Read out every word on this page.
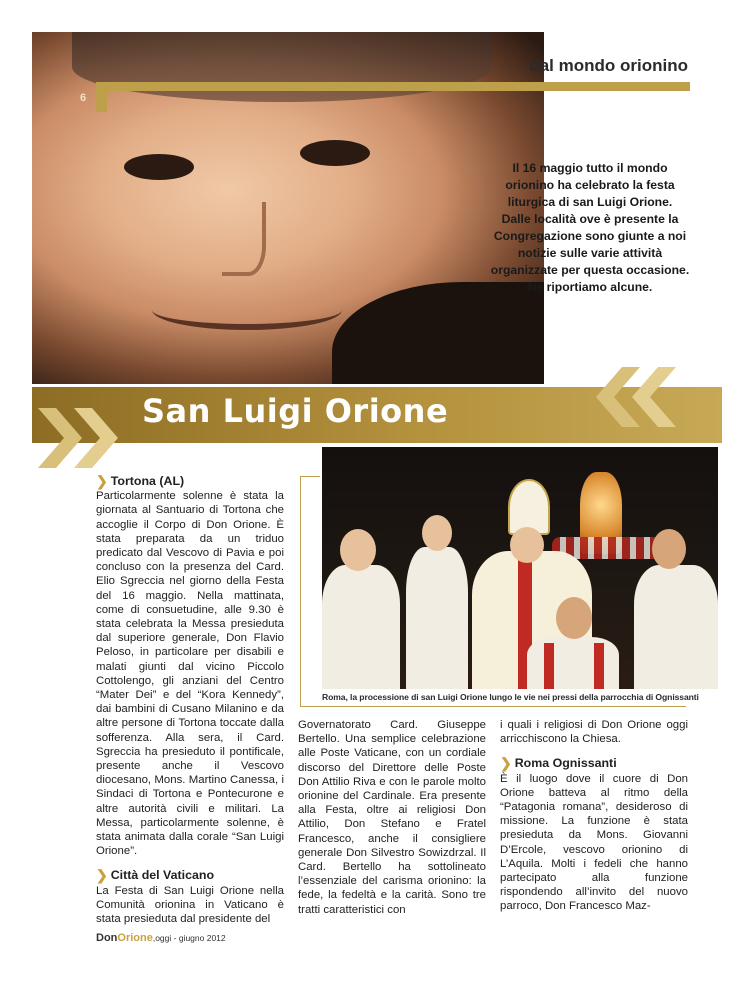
dal mondo orionino
6
Il 16 maggio tutto il mondo
orionino ha celebrato la festa
liturgica di san Luigi Orione.
Dalle località ove è presente la
Congregazione sono giunte a noi
notizie sulle varie attività
organizzate per questa occasione.
Ne riportiamo alcune.
San Luigi Orione
Roma, la processione di san Luigi Orione lungo le vie nei pressi della parrocchia di Ognissanti
❯ Tortona (AL)

Particolarmente solenne è stata la giornata al Santuario di Tortona che accoglie il Corpo di Don Orione. È stata preparata da un triduo predicato dal Vescovo di Pavia e poi concluso con la presenza del Card. Elio Sgreccia nel giorno della Festa del 16 maggio. Nella mattinata, come di consuetudine, alle 9.30 è stata celebrata la Messa presieduta dal superiore generale, Don Flavio Peloso, in particolare per disabili e malati giunti dal vicino Piccolo Cottolengo, gli anziani del Centro “Mater Dei” e del “Kora Kennedy”, dai bambini di Cusano Milanino e da altre persone di Tortona toccate dalla sofferenza. Alla sera, il Card. Sgreccia ha presieduto il pontificale, presente anche il Vescovo diocesano, Mons. Martino Canessa, i Sindaci di Tortona e Pontecurone e altre autorità civili e militari. La Messa, particolarmente solenne, è stata animata dalla corale “San Luigi Orione”.

❯ Città del Vaticano

La Festa di San Luigi Orione nella Comunità orionina in Vaticano è stata presieduta dal presidente del

Governatorato Card. Giuseppe Bertello. Una semplice celebrazione alle Poste Vaticane, con un cordiale discorso del Direttore delle Poste Don Attilio Riva e con le parole molto orionine del Cardinale. Era presente alla Festa, oltre ai religiosi Don Attilio, Don Stefano e Fratel Francesco, anche il consigliere generale Don Silvestro Sowizdrzal. Il Card. Bertello ha sottolineato l’essenziale del carisma orionino: la fede, la fedeltà e la carità. Sono tre tratti caratteristici con

i quali i religiosi di Don Orione oggi arricchiscono la Chiesa.

❯ Roma Ognissanti

È il luogo dove il cuore di Don Orione batteva al ritmo della “Patagonia romana”, desideroso di missione. La funzione è stata presieduta da Mons. Giovanni D’Ercole, vescovo orionino di L’Aquila. Molti i fedeli che hanno partecipato alla funzione rispondendo all’invito del nuovo parroco, Don Francesco Maz-

DonOrione,oggi - giugno 2012
